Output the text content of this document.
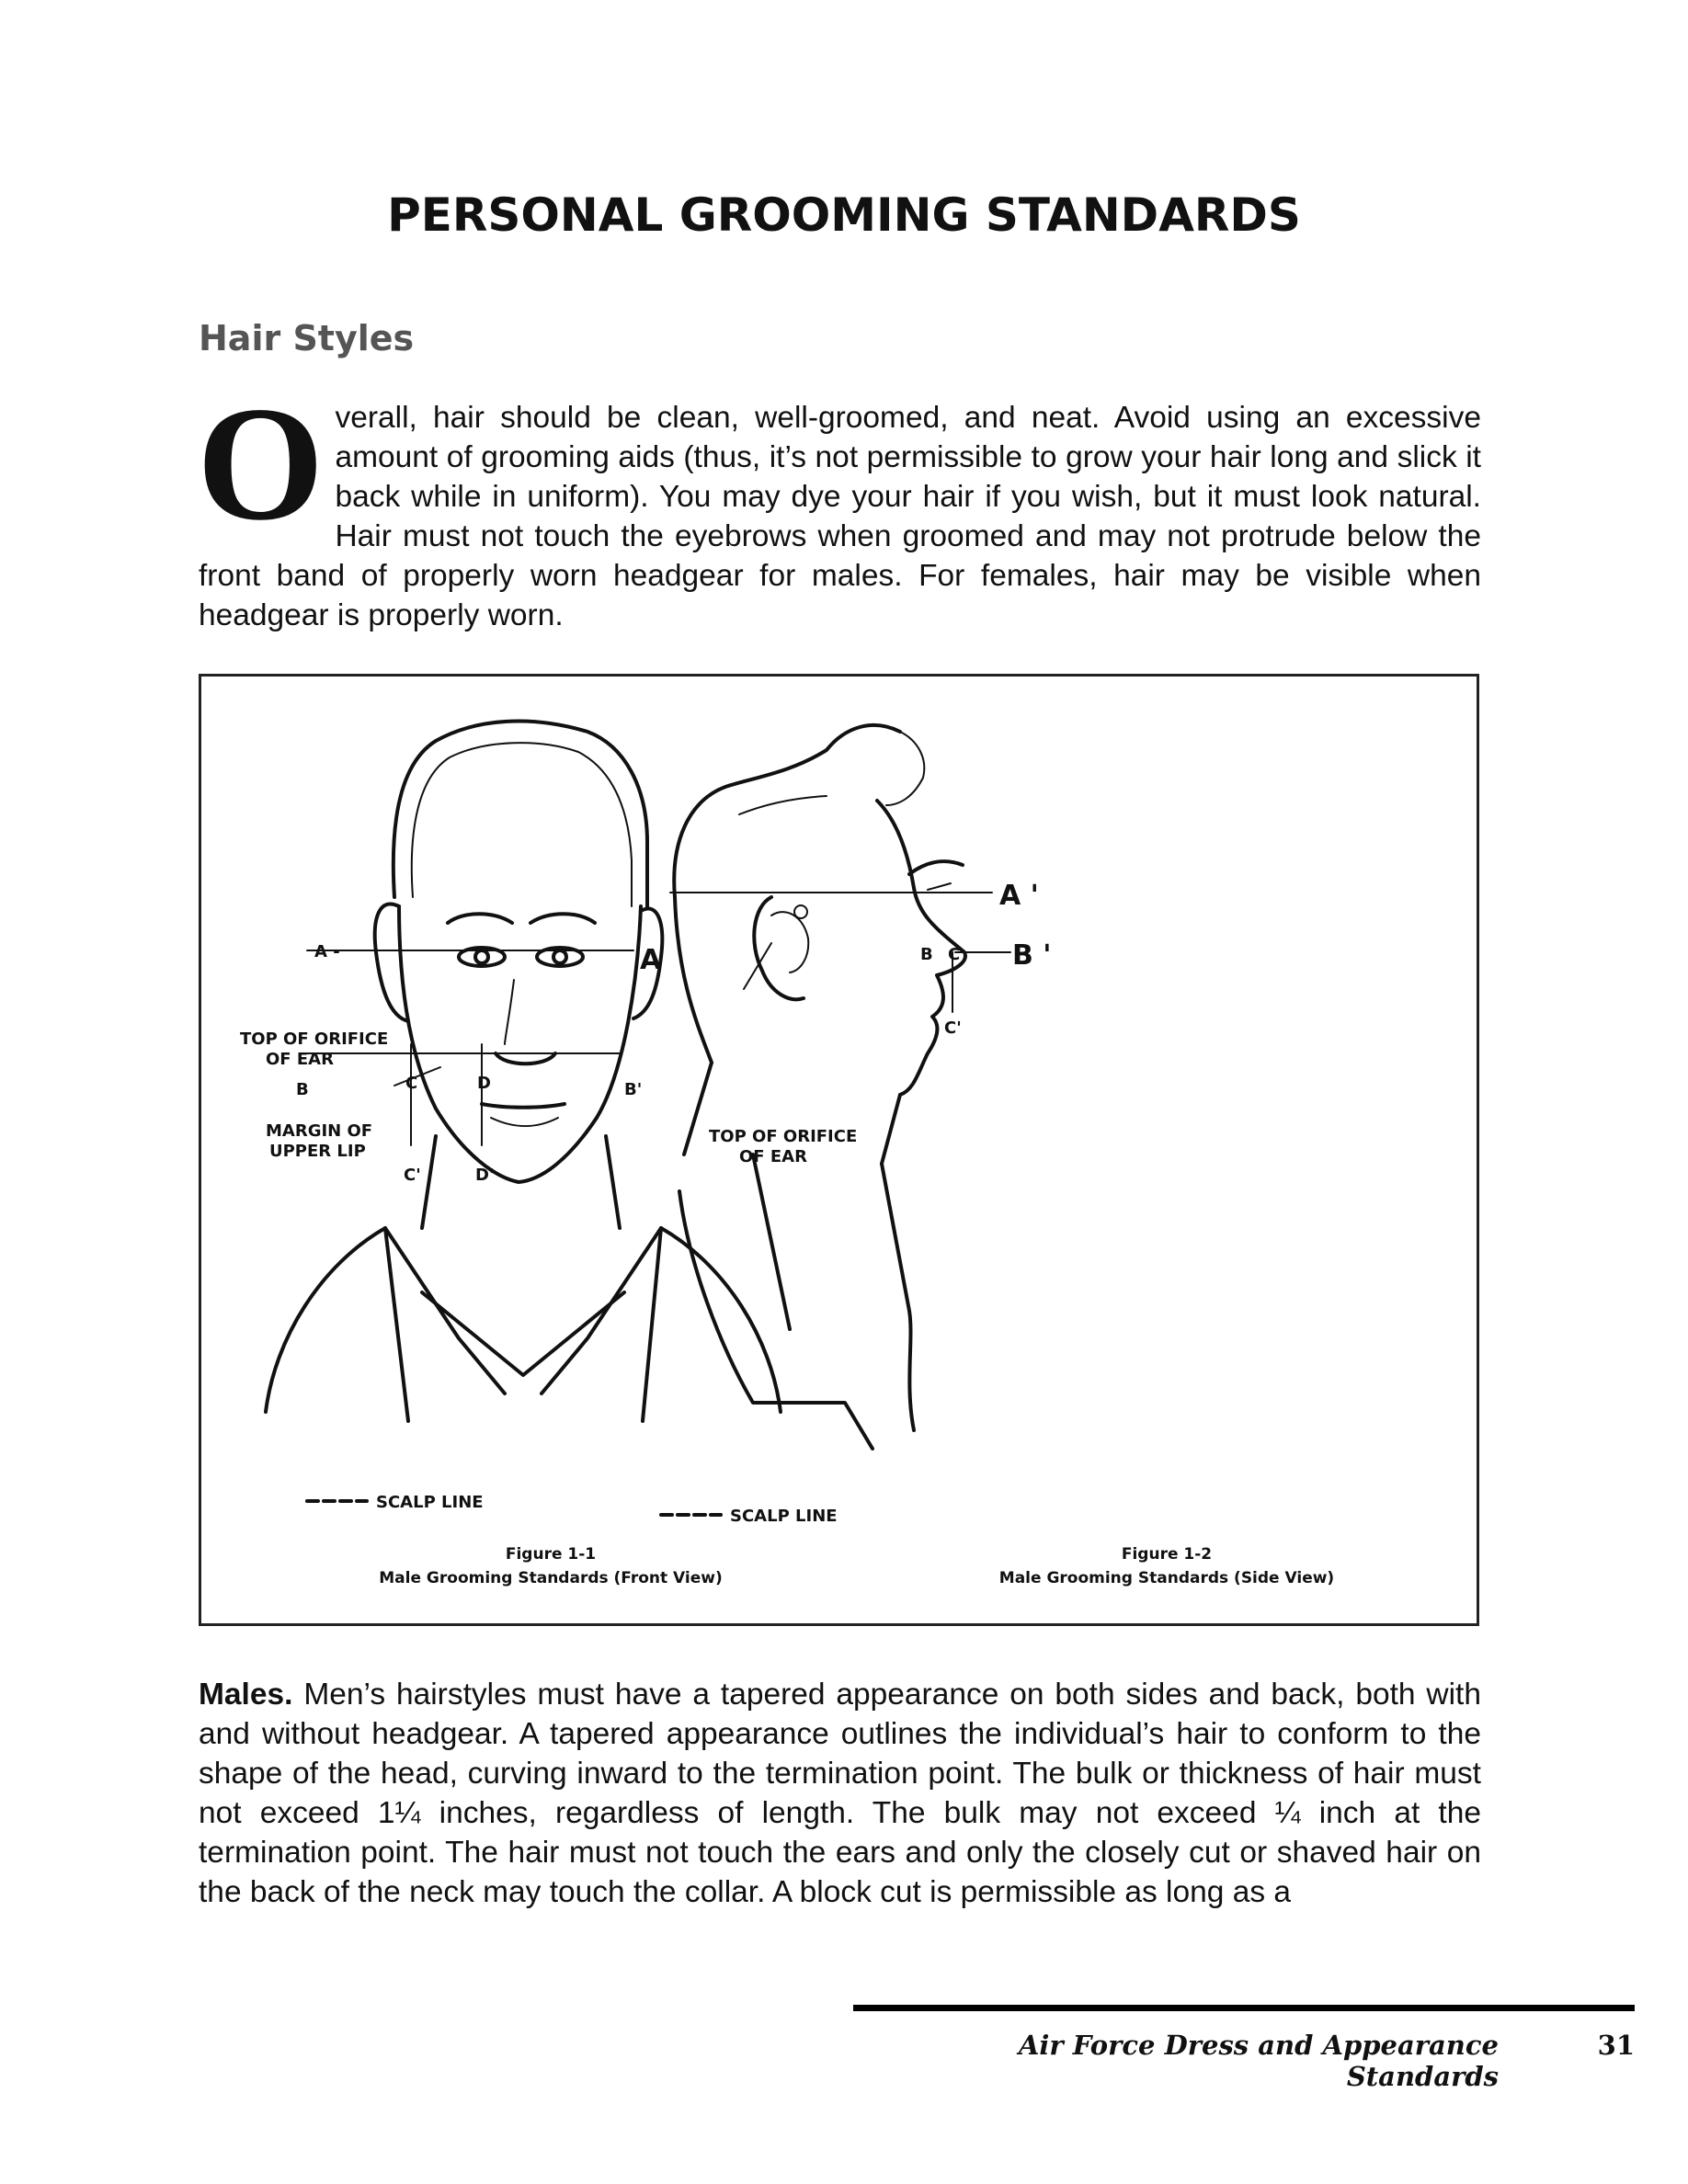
PERSONAL GROOMING STANDARDS
Hair Styles

Overall, hair should be clean, well-groomed, and neat. Avoid using an excessive amount of grooming aids (thus, it’s not permissible to grow your hair long and slick it back while in uniform). You may dye your hair if you wish, but it must look natural. Hair must not touch the eyebrows when groomed and may not protrude below the front band of properly worn headgear for males. For females, hair may be visible when headgear is properly worn.

A -	A
TOP OF ORIFICE
OF EAR
B	B'
C	D
C'	D'
MARGIN OF
UPPER LIP
SCALP LINE
Figure 1-1
Male Grooming Standards (Front View)
A '
B '
B C
C'
TOP OF ORIFICE
OF EAR
SCALP LINE
Figure 1-2
Male Grooming Standards (Side View)

Males. Men’s hairstyles must have a tapered appearance on both sides and back, both with and without headgear. A tapered appearance outlines the individual’s hair to conform to the shape of the head, curving inward to the termination point. The bulk or thickness of hair must not exceed 1¼ inches, regardless of length. The bulk may not exceed ¼ inch at the termination point. The hair must not touch the ears and only the closely cut or shaved hair on the back of the neck may touch the collar. A block cut is permissible as long as a

Air Force Dress and Appearance Standards

31
